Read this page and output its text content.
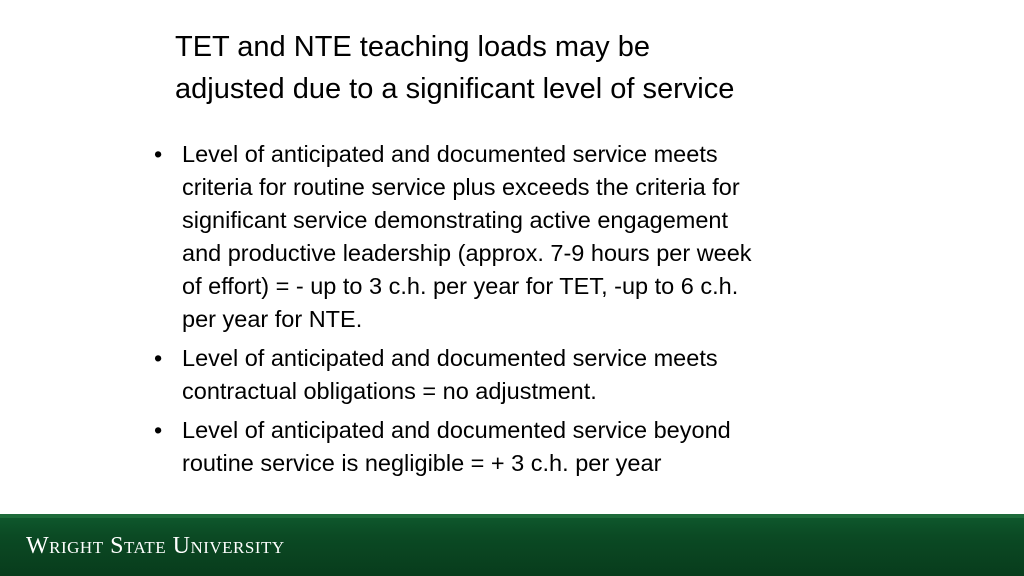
TET and NTE teaching loads may be
adjusted due to a significant level of service
• Level of anticipated and documented service meets
criteria for routine service plus exceeds the criteria for
significant service demonstrating active engagement
and productive leadership (approx. 7-9 hours per week
of effort) = - up to 3 c.h. per year for TET, -up to 6 c.h.
per year for NTE.
• Level of anticipated and documented service meets
contractual obligations = no adjustment.
• Level of anticipated and documented service beyond
routine service is negligible = + 3 c.h. per year
Wright State University
